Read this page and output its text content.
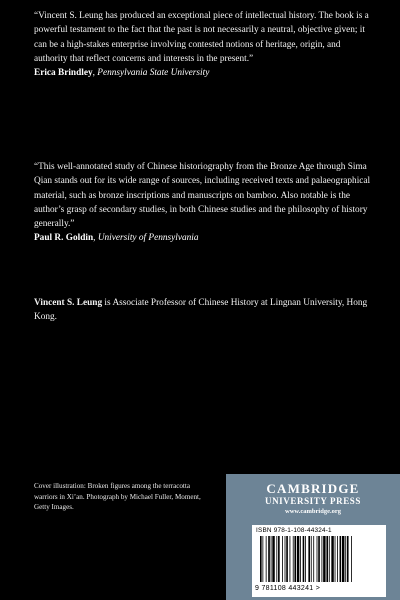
“Vincent S. Leung has produced an exceptional piece of intellectual history. The book is a powerful testament to the fact that the past is not necessarily a neutral, objective given; it can be a high-stakes enterprise involving contested notions of heritage, origin, and authority that reflect concerns and interests in the present.”

Erica Brindley, Pennsylvania State University

“This well-annotated study of Chinese historiography from the Bronze Age through Sima Qian stands out for its wide range of sources, including received texts and palaeographical material, such as bronze inscriptions and manuscripts on bamboo. Also notable is the author’s grasp of secondary studies, in both Chinese studies and the philosophy of history generally.”

Paul R. Goldin, University of Pennsylvania

Vincent S. Leung is Associate Professor of Chinese History at Lingnan University, Hong Kong.

Cover illustration: Broken figures among the terracotta warriors in Xi’an. Photograph by Michael Fuller, Moment, Getty Images.

CAMBRIDGE
UNIVERSITY PRESS
www.cambridge.org
ISBN 978-1-108-44324-1
9 781108 443241 >
